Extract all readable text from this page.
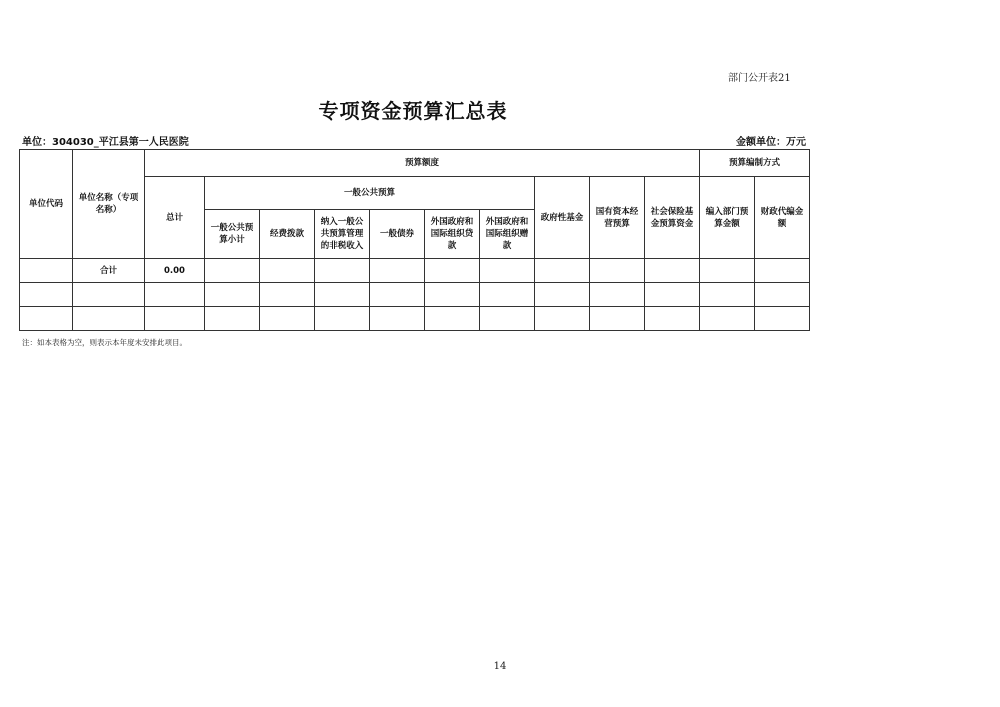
部门公开表21
专项资金预算汇总表
单位：304030_平江县第一人民医院	金额单位：万元
单位代码	单位名称（专项名称）	预算额度										预算编制方式	
		总计	一般公共预算						政府性基金	国有资本经营预算	社会保险基金预算资金	编入部门预算金额	财政代编金额
			一般公共预算小计	经费拨款	纳入一般公共预算管理的非税收入	一般债券	外国政府和国际组织贷款	外国政府和国际组织赠款					
	合计	0.00											

注：如本表格为空，则表示本年度未安排此项目。
14
